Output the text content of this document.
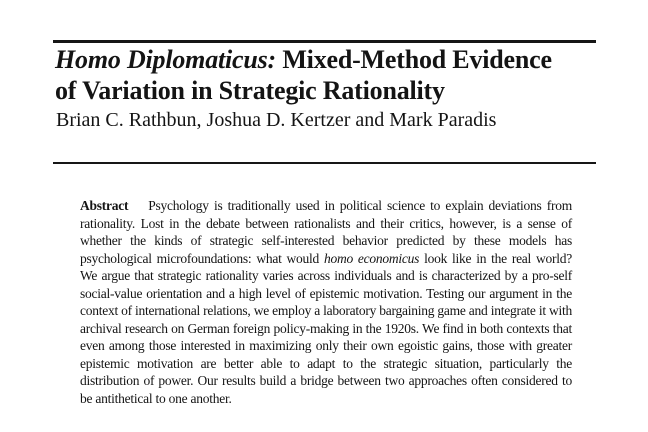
Homo Diplomaticus: Mixed-Method Evidence
of Variation in Strategic Rationality
Brian C. Rathbun, Joshua D. Kertzer and Mark Paradis

Abstract Psychology is traditionally used in political science to explain deviations from rationality. Lost in the debate between rationalists and their critics, however, is a sense of whether the kinds of strategic self-interested behavior predicted by these models has psychological microfoundations: what would homo economicus look like in the real world? We argue that strategic rationality varies across individuals and is characterized by a pro-self social-value orientation and a high level of epistemic motivation. Testing our argument in the context of international relations, we employ a laboratory bargaining game and integrate it with archival research on German foreign policy-making in the 1920s. We find in both contexts that even among those interested in maximizing only their own egoistic gains, those with greater epistemic motivation are better able to adapt to the strategic situation, particularly the distribution of power. Our results build a bridge between two approaches often considered to be antithetical to one another.
